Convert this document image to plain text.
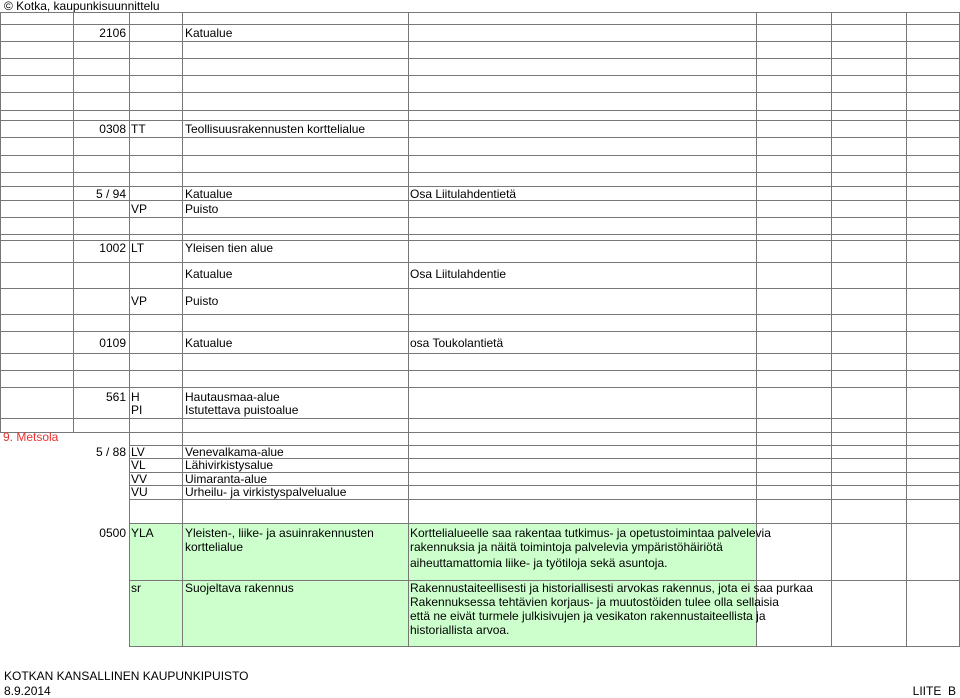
© Kotka, kaupunkisuunnittelu
2106	Katualue
0308 TT	Teollisuusrakennusten korttelialue
5 / 94	Katualue	Osa Liitulahdentietä
VP	Puisto
1002 LT	Yleisen tien alue
Katualue	Osa Liitulahdentie
VP	Puisto
0109	Katualue	osa Toukolantietä
561 H	Hautausmaa-alue
PI	Istutettava puistoalue
9. Metsola
5 / 88 LV	Venevalkama-alue
VL	Lähivirkistysalue
VV	Uimaranta-alue
VU	Urheilu- ja virkistyspalvelualue
0500 YLA	Yleisten-, liike- ja asuinrakennusten	Korttelialueelle saa rakentaa tutkimus- ja opetustoimintaa palvelevia
korttelialue	rakennuksia ja näitä toimintoja palvelevia ympäristöhäiriötä
aiheuttamattomia liike- ja työtiloja sekä asuntoja.
sr	Suojeltava rakennus	Rakennustaiteellisesti ja historiallisesti arvokas rakennus, jota ei saa purkaa
Rakennuksessa tehtävien korjaus- ja muutostöiden tulee olla sellaisia
että ne eivät turmele julkisivujen ja vesikaton rakennustaiteellista ja
historiallista arvoa.
KOTKAN KANSALLINEN KAUPUNKIPUISTO
8.9.2014	LIITE  B
